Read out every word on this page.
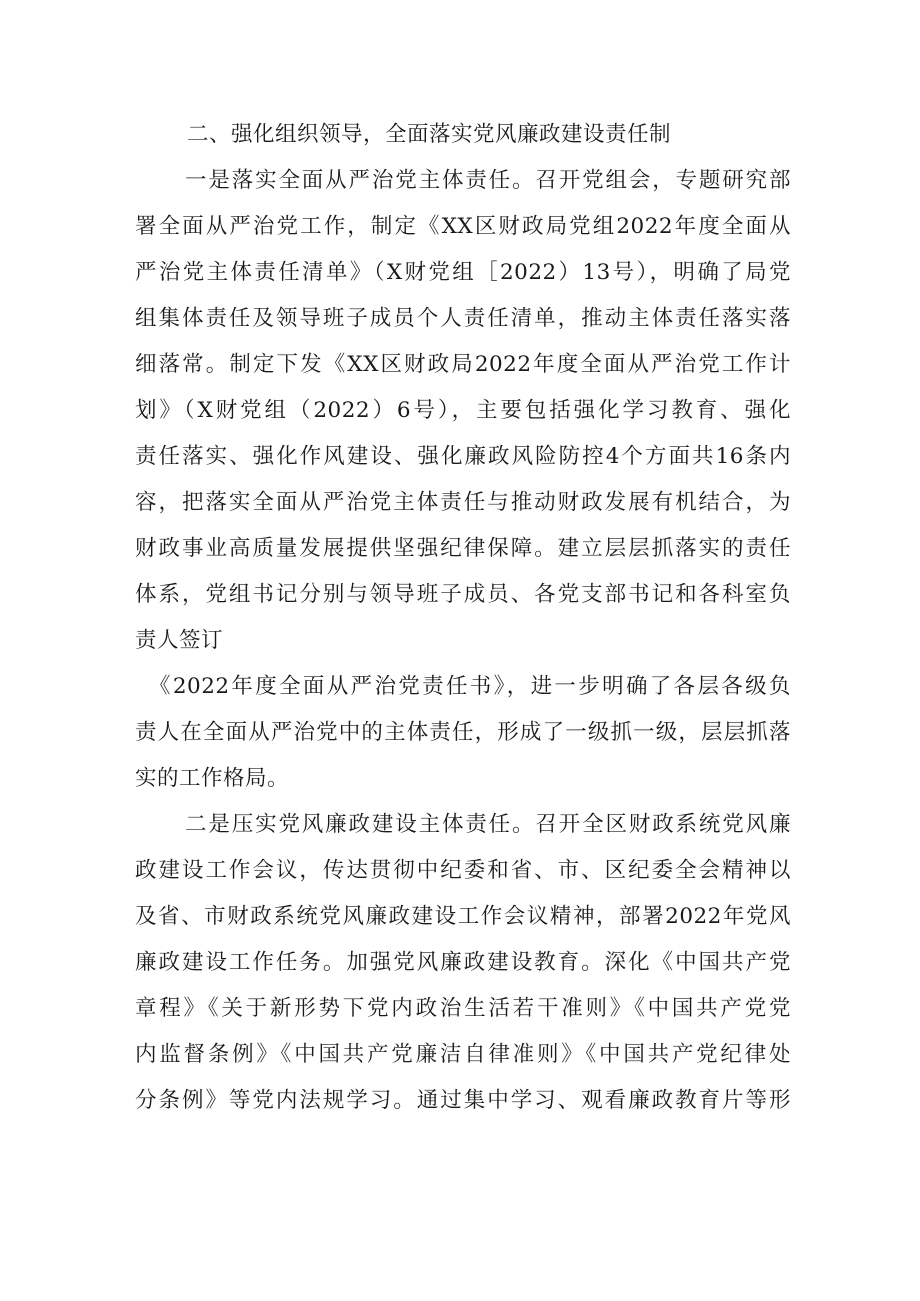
二、强化组织领导，全面落实党风廉政建设责任制
一是落实全面从严治党主体责任。召开党组会，专题研究部
署全面从严治党工作，制定《XX区财政局党组2022年度全面从
严治党主体责任清单》（X财党组［2022）13号），明确了局党
组集体责任及领导班子成员个人责任清单，推动主体责任落实落
细落常。制定下发《XX区财政局2022年度全面从严治党工作计
划》（X财党组（2022）6号），主要包括强化学习教育、强化
责任落实、强化作风建设、强化廉政风险防控4个方面共16条内
容，把落实全面从严治党主体责任与推动财政发展有机结合，为
财政事业高质量发展提供坚强纪律保障。建立层层抓落实的责任
体系，党组书记分别与领导班子成员、各党支部书记和各科室负
责人签订
《2022年度全面从严治党责任书》，进一步明确了各层各级负
责人在全面从严治党中的主体责任，形成了一级抓一级，层层抓落
实的工作格局。
二是压实党风廉政建设主体责任。召开全区财政系统党风廉
政建设工作会议，传达贯彻中纪委和省、市、区纪委全会精神以
及省、市财政系统党风廉政建设工作会议精神，部署2022年党风
廉政建设工作任务。加强党风廉政建设教育。深化《中国共产党
章程》《关于新形势下党内政治生活若干准则》《中国共产党党
内监督条例》《中国共产党廉洁自律准则》《中国共产党纪律处
分条例》等党内法规学习。通过集中学习、观看廉政教育片等形
